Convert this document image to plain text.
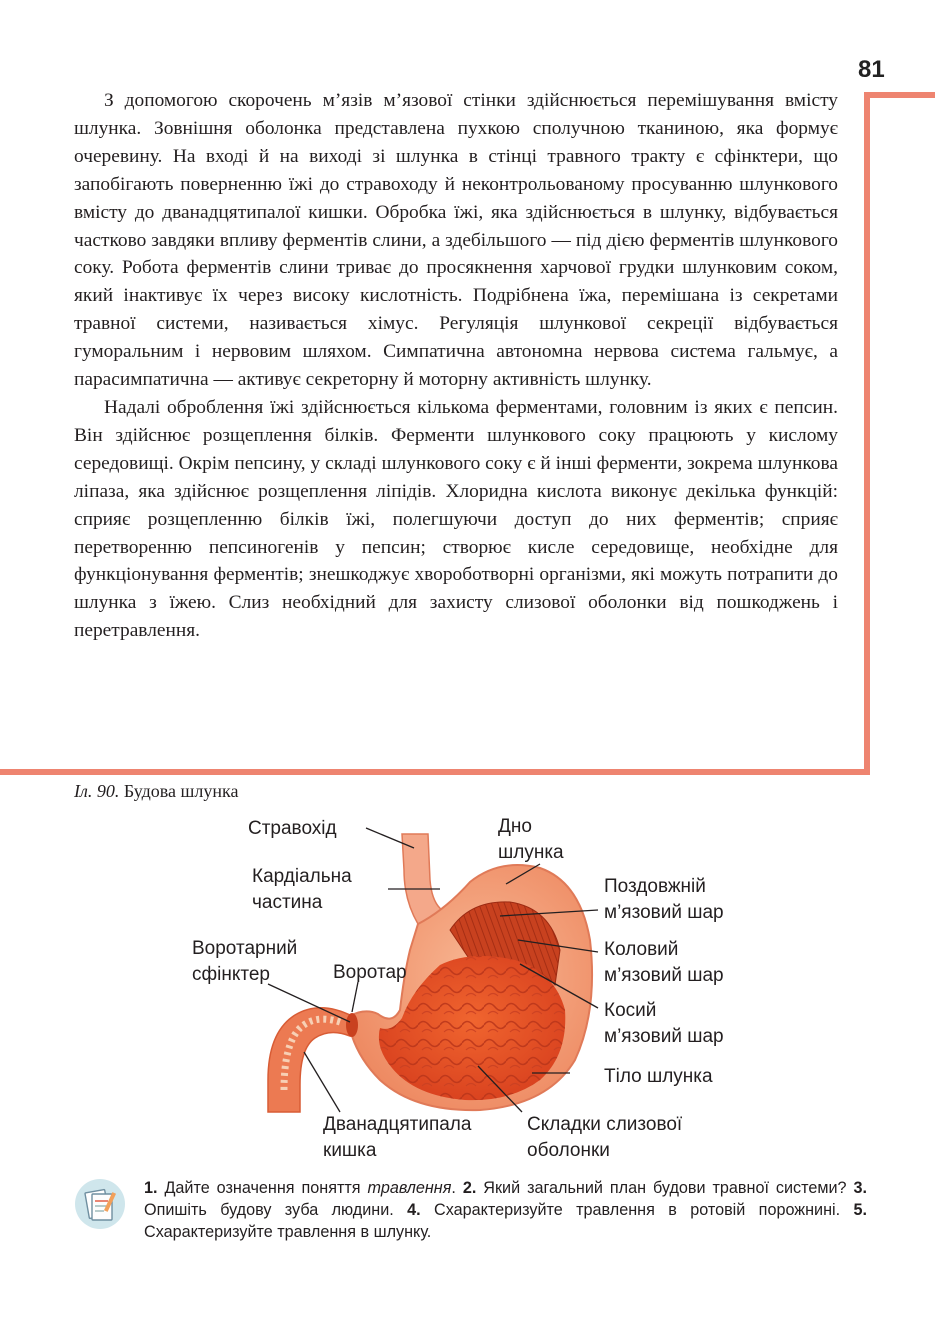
81

З допомогою скорочень м’язів м’язової стінки здійснюється перемішування вмісту шлунка. Зовнішня оболонка представлена пухкою сполучною тканиною, яка формує очеревину. На вході й на виході зі шлунка в стінці травного тракту є сфінктери, що запобігають поверненню їжі до стравоходу й неконтрольованому просуванню шлункового вмісту до дванадцятипалої кишки. Обробка їжі, яка здійснюється в шлунку, відбувається частково завдяки впливу ферментів слини, а здебільшого — під дією ферментів шлункового соку. Робота ферментів слини триває до просякнення харчової грудки шлунковим соком, який інактивує їх через високу кислотність. Подрібнена їжа, перемішана із секретами травної системи, називається хімус. Регуляція шлункової секреції відбувається гуморальним і нервовим шляхом. Симпатична автономна нервова система гальмує, а парасимпатична — активує секреторну й моторну активність шлунку.

Надалі оброблення їжі здійснюється кількома ферментами, головним із яких є пепсин. Він здійснює розщеплення білків. Ферменти шлункового соку працюють у кислому середовищі. Окрім пепсину, у складі шлункового соку є й інші ферменти, зокрема шлункова ліпаза, яка здійснює розщеплення ліпідів. Хлоридна кислота виконує декілька функцій: сприяє розщепленню білків їжі, полегшуючи доступ до них ферментів; сприяє перетворенню пепсиногенів у пепсин; створює кисле середовище, необхідне для функціонування ферментів; знешкоджує хвороботворні організми, які можуть потрапити до шлунка з їжею. Слиз необхідний для захисту слизової оболонки від пошкоджень і перетравлення.

Іл. 90. Будова шлунка
Стравохід	Дно
шлунка
Кардіальна
частина
Поздовжній
м’язовий шар
Коловий
м’язовий шар
Воротарний
сфінктер	Воротар
Косий
м’язовий шар
Тіло шлунка
Дванадцятипала
кишка
Складки слизової
оболонки
1. Дайте означення поняття травлення. 2. Який загальний план будови травної системи? 3. Опишіть будову зуба людини. 4. Схарактеризуйте травлення в ротовій порожнині. 5. Схарактеризуйте травлення в шлунку.
